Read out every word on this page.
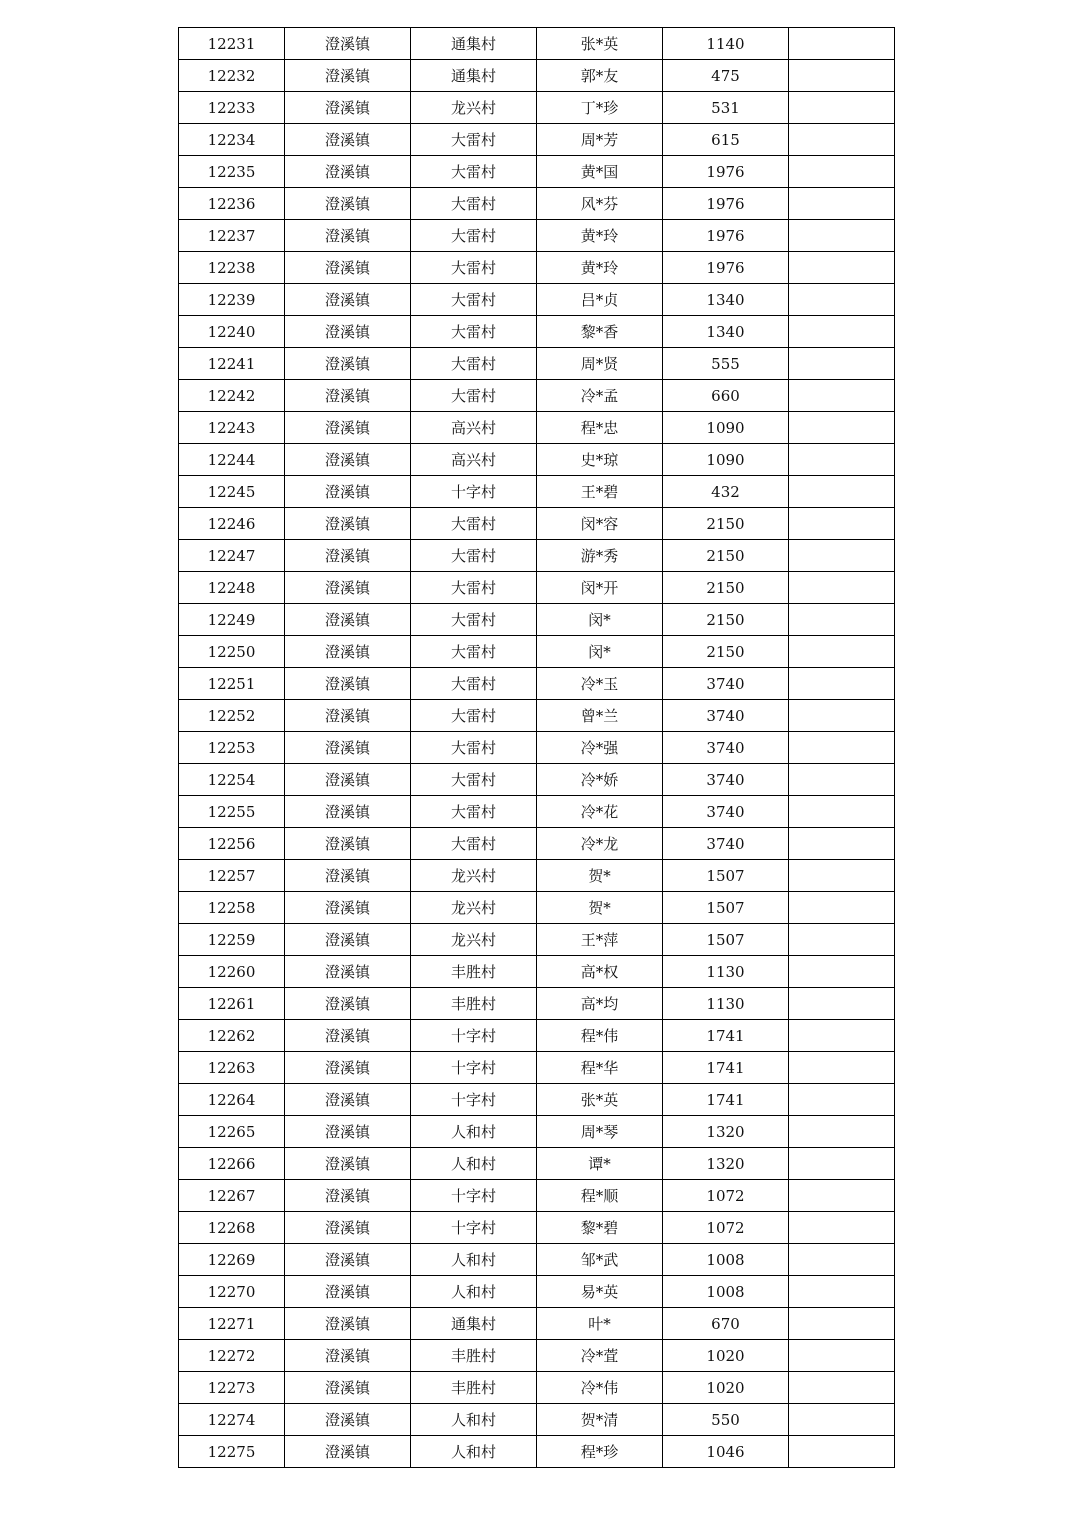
12231	澄溪镇	通集村	张*英	1140	
12232	澄溪镇	通集村	郭*友	475	
12233	澄溪镇	龙兴村	丁*珍	531	
12234	澄溪镇	大雷村	周*芳	615	
12235	澄溪镇	大雷村	黄*国	1976	
12236	澄溪镇	大雷村	风*芬	1976	
12237	澄溪镇	大雷村	黄*玲	1976	
12238	澄溪镇	大雷村	黄*玲	1976	
12239	澄溪镇	大雷村	吕*贞	1340	
12240	澄溪镇	大雷村	黎*香	1340	
12241	澄溪镇	大雷村	周*贤	555	
12242	澄溪镇	大雷村	冷*孟	660	
12243	澄溪镇	高兴村	程*忠	1090	
12244	澄溪镇	高兴村	史*琼	1090	
12245	澄溪镇	十字村	王*碧	432	
12246	澄溪镇	大雷村	闵*容	2150	
12247	澄溪镇	大雷村	游*秀	2150	
12248	澄溪镇	大雷村	闵*开	2150	
12249	澄溪镇	大雷村	闵*	2150	
12250	澄溪镇	大雷村	闵*	2150	
12251	澄溪镇	大雷村	冷*玉	3740	
12252	澄溪镇	大雷村	曾*兰	3740	
12253	澄溪镇	大雷村	冷*强	3740	
12254	澄溪镇	大雷村	冷*娇	3740	
12255	澄溪镇	大雷村	冷*花	3740	
12256	澄溪镇	大雷村	冷*龙	3740	
12257	澄溪镇	龙兴村	贺*	1507	
12258	澄溪镇	龙兴村	贺*	1507	
12259	澄溪镇	龙兴村	王*萍	1507	
12260	澄溪镇	丰胜村	高*权	1130	
12261	澄溪镇	丰胜村	高*均	1130	
12262	澄溪镇	十字村	程*伟	1741	
12263	澄溪镇	十字村	程*华	1741	
12264	澄溪镇	十字村	张*英	1741	
12265	澄溪镇	人和村	周*琴	1320	
12266	澄溪镇	人和村	谭*	1320	
12267	澄溪镇	十字村	程*顺	1072	
12268	澄溪镇	十字村	黎*碧	1072	
12269	澄溪镇	人和村	邹*武	1008	
12270	澄溪镇	人和村	易*英	1008	
12271	澄溪镇	通集村	叶*	670	
12272	澄溪镇	丰胜村	冷*萓	1020	
12273	澄溪镇	丰胜村	冷*伟	1020	
12274	澄溪镇	人和村	贺*清	550	
12275	澄溪镇	人和村	程*珍	1046	
